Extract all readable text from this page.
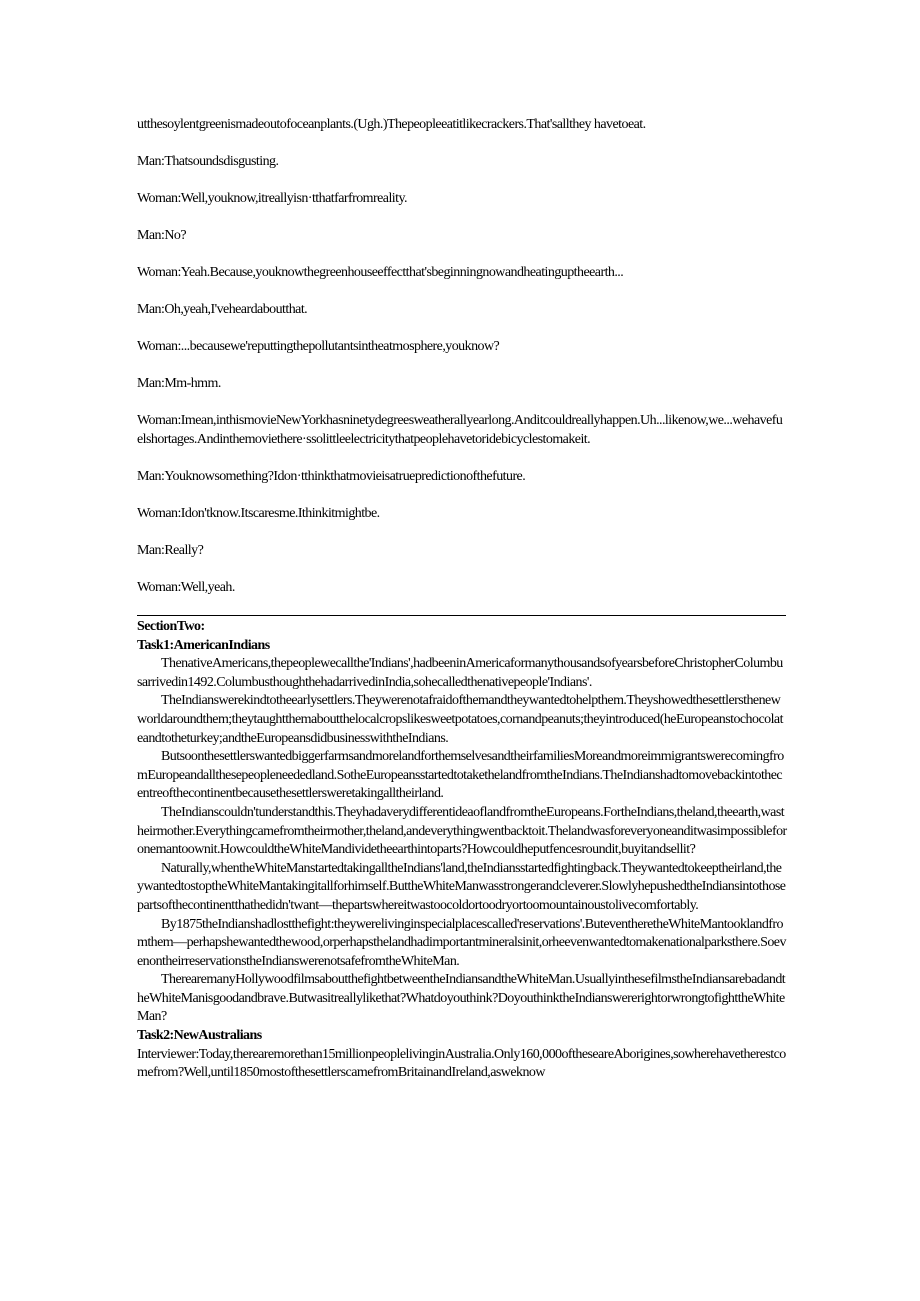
utthesoylentgreenismadeoutofoceanplants.(Ugh.)Thepeopleeatitlikecrackers.That'sallthey havetoeat.

Man:Thatsoundsdisgusting.

Woman:Well,youknow,itreallyisn·tthatfarfromreality.

Man:No?

Woman:Yeah.Because,youknowthegreenhouseeffectthat'sbeginningnowandheatinguptheearth...

Man:Oh,yeah,I'veheardaboutthat.

Woman:...becausewe'reputtingthepollutantsintheatmosphere,youknow?

Man:Mm-hmm.

Woman:Imean,inthismovieNewYorkhasninetydegreesweatherallyearlong.Anditcouldreallyhappen.Uh...likenow,we...wehavefuelshortages.Andinthemoviethere·ssolittleelectricitythatpeoplehavetoridebicyclestomakeit.

Man:Youknowsomething?Idon·tthinkthatmovieisatruepredictionofthefuture.

Woman:Idon'tknow.Itscaresme.Ithinkitmightbe.

Man:Really?

Woman:Well,yeah.

SectionTwo:

Task1:AmericanIndians

ThenativeAmericans,thepeoplewecallthe'Indians',hadbeeninAmericaformanythousandsofyearsbeforeChristopherColumbusarrivedin1492.ColumbusthoughthehadarrivedinIndia,sohecalledthenativepeople'Indians'.

TheIndianswerekindtotheearlysettlers.Theywerenotafraidofthemandtheywantedtohelpthem.Theyshowedthesettlersthenewworldaroundthem;theytaughtthemaboutthelocalcropslikesweetpotatoes,cornandpeanuts;theyintroduced(heEuropeanstochocolateandtotheturkey;andtheEuropeansdidbusinesswiththeIndians.

ButsoonthesettlerswantedbiggerfarmsandmorelandforthemselvesandtheirfamiliesMoreandmoreimmigrantswerecomingfromEuropeandallthesepeopleneededland.SotheEuropeansstartedtotakethelandfromtheIndians.TheIndianshadtomovebackintothecentreofthecontinentbecausethesettlersweretakingalltheirland.

TheIndianscouldn'tunderstandthis.TheyhadaverydifferentideaoflandfromtheEuropeans.FortheIndians,theland,theearth,wastheirmother.Everythingcamefromtheirmother,theland,andeverythingwentbacktoit.Thelandwasforeveryoneanditwasimpossibleforonemantoownit.HowcouldtheWhiteMandividetheearthintoparts?Howcouldheputfencesroundit,buyitandsellit?

Naturally,whentheWhiteManstartedtakingalltheIndians'land,theIndiansstartedfightingback.Theywantedtokeeptheirland,theywantedtostoptheWhiteMantakingitallforhimself.ButtheWhiteManwasstrongerandcleverer.SlowlyhepushedtheIndiansintothosepartsofthecontinentthathedidn'twant—thepartswhereitwastoocoldortoodryortoomountainoustolivecomfortably.

By1875theIndianshadlostthefight:theywerelivinginspecialplacescalled'reservations'.ButeventheretheWhiteMantooklandfromthem—perhapshewantedthewood,orperhapsthelandhadimportantmineralsinit,orheevenwantedtomakenationalparksthere.SoevenontheirreservationstheIndianswerenotsafefromtheWhiteMan.

TherearemanyHollywoodfilmsaboutthefightbetweentheIndiansandtheWhiteMan.UsuallyinthesefilmstheIndiansarebadandtheWhiteManisgoodandbrave.Butwasitreallylikethat?Whatdoyouthink?DoyouthinktheIndianswererightorwrongtofighttheWhiteMan?

Task2:NewAustralians

Interviewer:Today,therearemorethan15millionpeoplelivinginAustralia.Only160,000oftheseareAborigines,sowherehavetherestcomefrom?Well,until1850mostofthesettlerscamefromBritainandIreland,asweknow
